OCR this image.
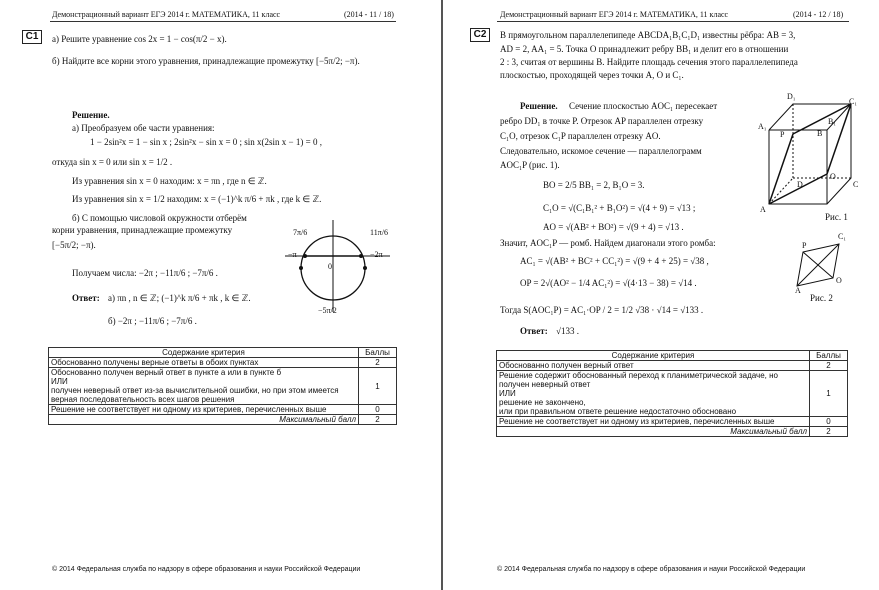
Демонстрационный вариант ЕГЭ 2014 г. МАТЕМАТИКА, 11 класс	(2014 - 11 / 18)
С1	а) Решите уравнение cos 2x = 1 − cos(π/2 − x).
б) Найдите все корни этого уравнения, принадлежащие промежутку [−5π/2; −π).
Решение.
а) Преобразуем обе части уравнения:
1 − 2sin²x = 1 − sin x ; 2sin²x − sin x = 0 ; sin x(2sin x − 1) = 0 ,
откуда sin x = 0 или sin x = 1/2 .
Из уравнения sin x = 0 находим: x = πn , где n ∈ ℤ.
Из уравнения sin x = 1/2 находим: x = (−1)^k π/6 + πk , где k ∈ ℤ.
б) С помощью числовой окружности отберём
корни уравнения, принадлежащие промежутку
[−5π/2; −π).
Получаем числа: −2π ; −11π/6 ; −7π/6 .
Ответ: а) πn , n ∈ ℤ; (−1)^k π/6 + πk , k ∈ ℤ.
б) −2π ; −11π/6 ; −7π/6 .
7π/6	11π/6
−π	−2π
0
−5π/2
Содержание критерия	Баллы
Обоснованно получены верные ответы в обоих пунктах	2
Обоснованно получен верный ответ в пункте а или в пункте б
ИЛИ
получен неверный ответ из-за вычислительной ошибки, но при этом имеется верная последовательность всех шагов решения	1
Решение не соответствует ни одному из критериев, перечисленных выше	0
Максимальный балл	2
© 2014 Федеральная служба по надзору в сфере образования и науки Российской Федерации
Демонстрационный вариант ЕГЭ 2014 г. МАТЕМАТИКА, 11 класс	(2014 - 12 / 18)
С2	В прямоугольном параллелепипеде ABCDA₁B₁C₁D₁ известны рёбра: AB = 3,
AD = 2, AA₁ = 5. Точка O принадлежит ребру BB₁ и делит его в отношении
2 : 3, считая от вершины B. Найдите площадь сечения этого параллелепипеда
плоскостью, проходящей через точки A, O и C₁.
Решение. Сечение плоскостью AOC₁ пересекает
ребро DD₁ в точке P. Отрезок AP параллелен отрезку
C₁O, отрезок C₁P параллелен отрезку AO.
Следовательно, искомое сечение — параллелограмм
AOC₁P (рис. 1).
BO = 2/5 BB₁ = 2, B₁O = 3.
C₁O = √(C₁B₁² + B₁O²) = √(4 + 9) = √13 ;
AO = √(AB² + BO²) = √(9 + 4) = √13 .
Значит, AOC₁P — ромб. Найдем диагонали этого ромба:
AC₁ = √(AB² + BC² + CC₁²) = √(9 + 4 + 25) = √38 ,
OP = 2√(AO² − 1/4 AC₁²) = √(4·13 − 38) = √14 .
Тогда S(AOC₁P) = AC₁·OP / 2 = 1/2 √38 · √14 = √133 .
Ответ: √133 .
D₁
C₁
A₁
B₁
P	B
O
D	C
A
Рис. 1
P
C₁
O
A
Рис. 2
Содержание критерия	Баллы
Обоснованно получен верный ответ	2
Решение содержит обоснованный переход к планиметрической задаче, но получен неверный ответ
ИЛИ
решение не закончено,
или при правильном ответе решение недостаточно обосновано	1
Решение не соответствует ни одному из критериев, перечисленных выше	0
Максимальный балл	2
© 2014 Федеральная служба по надзору в сфере образования и науки Российской Федерации
